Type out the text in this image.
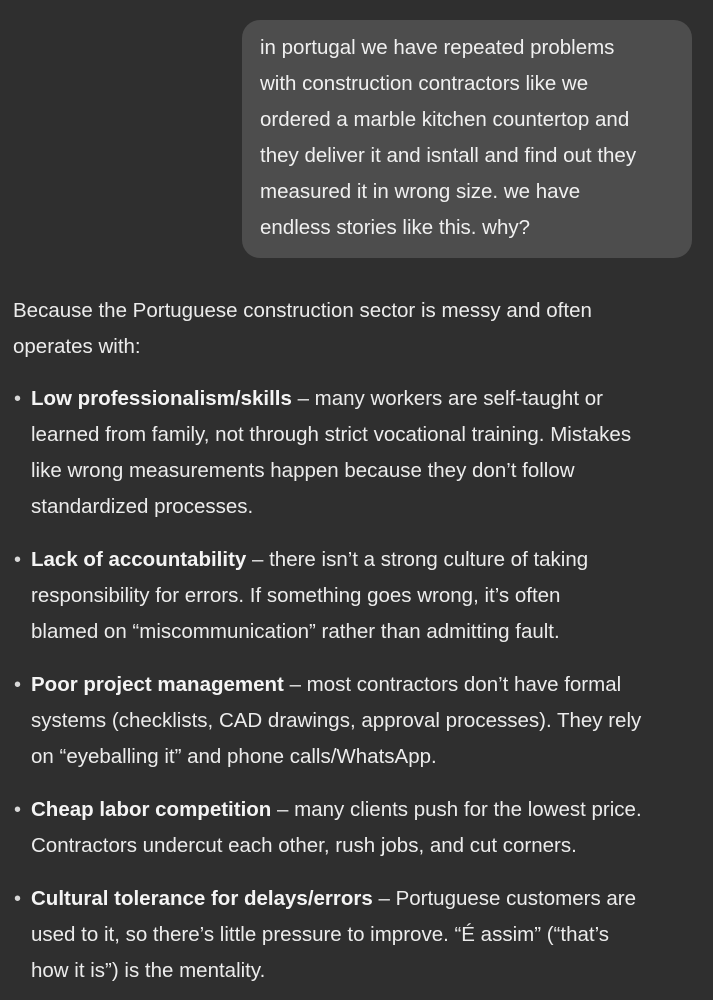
in portugal we have repeated problems
with construction contractors like we
ordered a marble kitchen countertop and
they deliver it and isntall and find out they
measured it in wrong size. we have
endless stories like this. why?
Because the Portuguese construction sector is messy and often
operates with:
• Low professionalism/skills – many workers are self-taught or
learned from family, not through strict vocational training. Mistakes
like wrong measurements happen because they don’t follow
standardized processes.
• Lack of accountability – there isn’t a strong culture of taking
responsibility for errors. If something goes wrong, it’s often
blamed on “miscommunication” rather than admitting fault.
• Poor project management – most contractors don’t have formal
systems (checklists, CAD drawings, approval processes). They rely
on “eyeballing it” and phone calls/WhatsApp.
• Cheap labor competition – many clients push for the lowest price.
Contractors undercut each other, rush jobs, and cut corners.
• Cultural tolerance for delays/errors – Portuguese customers are
used to it, so there’s little pressure to improve. “É assim” (“that’s
how it is”) is the mentality.
